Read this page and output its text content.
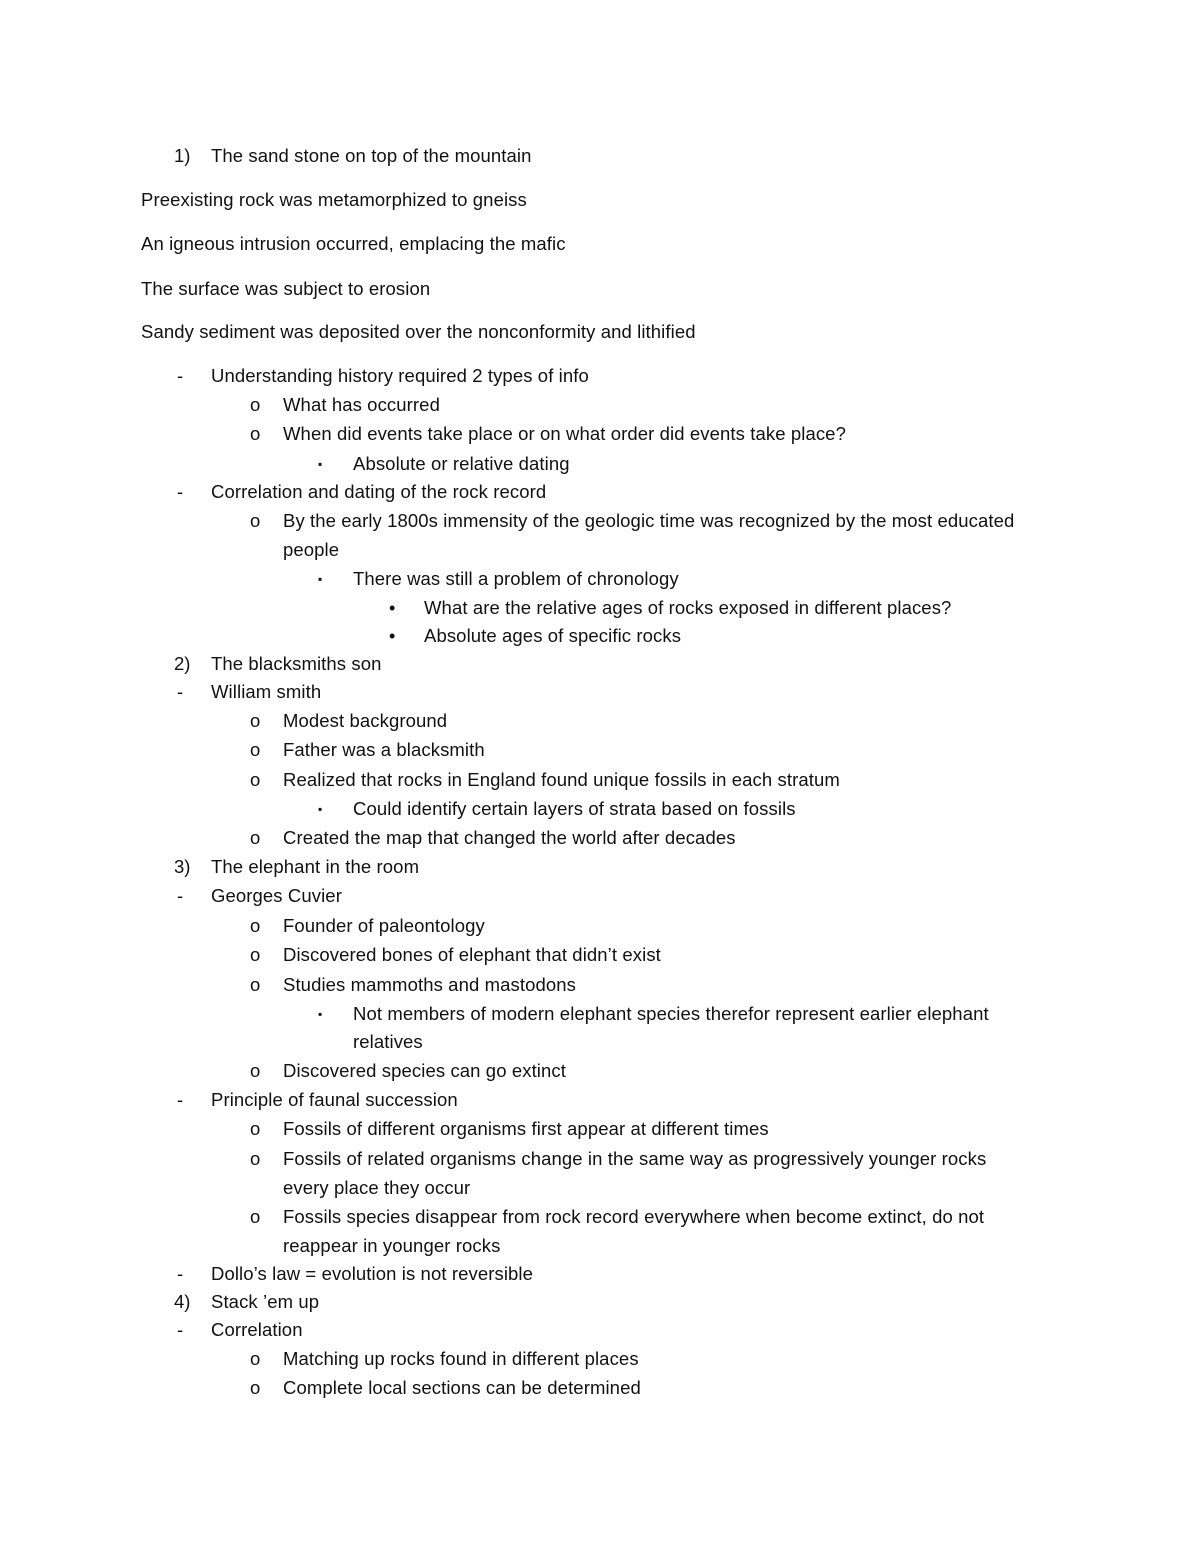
1) The sand stone on top of the mountain
Preexisting rock was metamorphized to gneiss
An igneous intrusion occurred, emplacing the mafic
The surface was subject to erosion
Sandy sediment was deposited over the nonconformity and lithified
- Understanding history required 2 types of info
o What has occurred
o When did events take place or on what order did events take place?
▪ Absolute or relative dating
- Correlation and dating of the rock record
o By the early 1800s immensity of the geologic time was recognized by the most educated
people
▪ There was still a problem of chronology
• What are the relative ages of rocks exposed in different places?
• Absolute ages of specific rocks
2) The blacksmiths son
- William smith
o Modest background
o Father was a blacksmith
o Realized that rocks in England found unique fossils in each stratum
▪ Could identify certain layers of strata based on fossils
o Created the map that changed the world after decades
3) The elephant in the room
- Georges Cuvier
o Founder of paleontology
o Discovered bones of elephant that didn’t exist
o Studies mammoths and mastodons
▪ Not members of modern elephant species therefor represent earlier elephant
relatives
o Discovered species can go extinct
- Principle of faunal succession
o Fossils of different organisms first appear at different times
o Fossils of related organisms change in the same way as progressively younger rocks
every place they occur
o Fossils species disappear from rock record everywhere when become extinct, do not
reappear in younger rocks
- Dollo’s law = evolution is not reversible
4) Stack ’em up
- Correlation
o Matching up rocks found in different places
o Complete local sections can be determined
